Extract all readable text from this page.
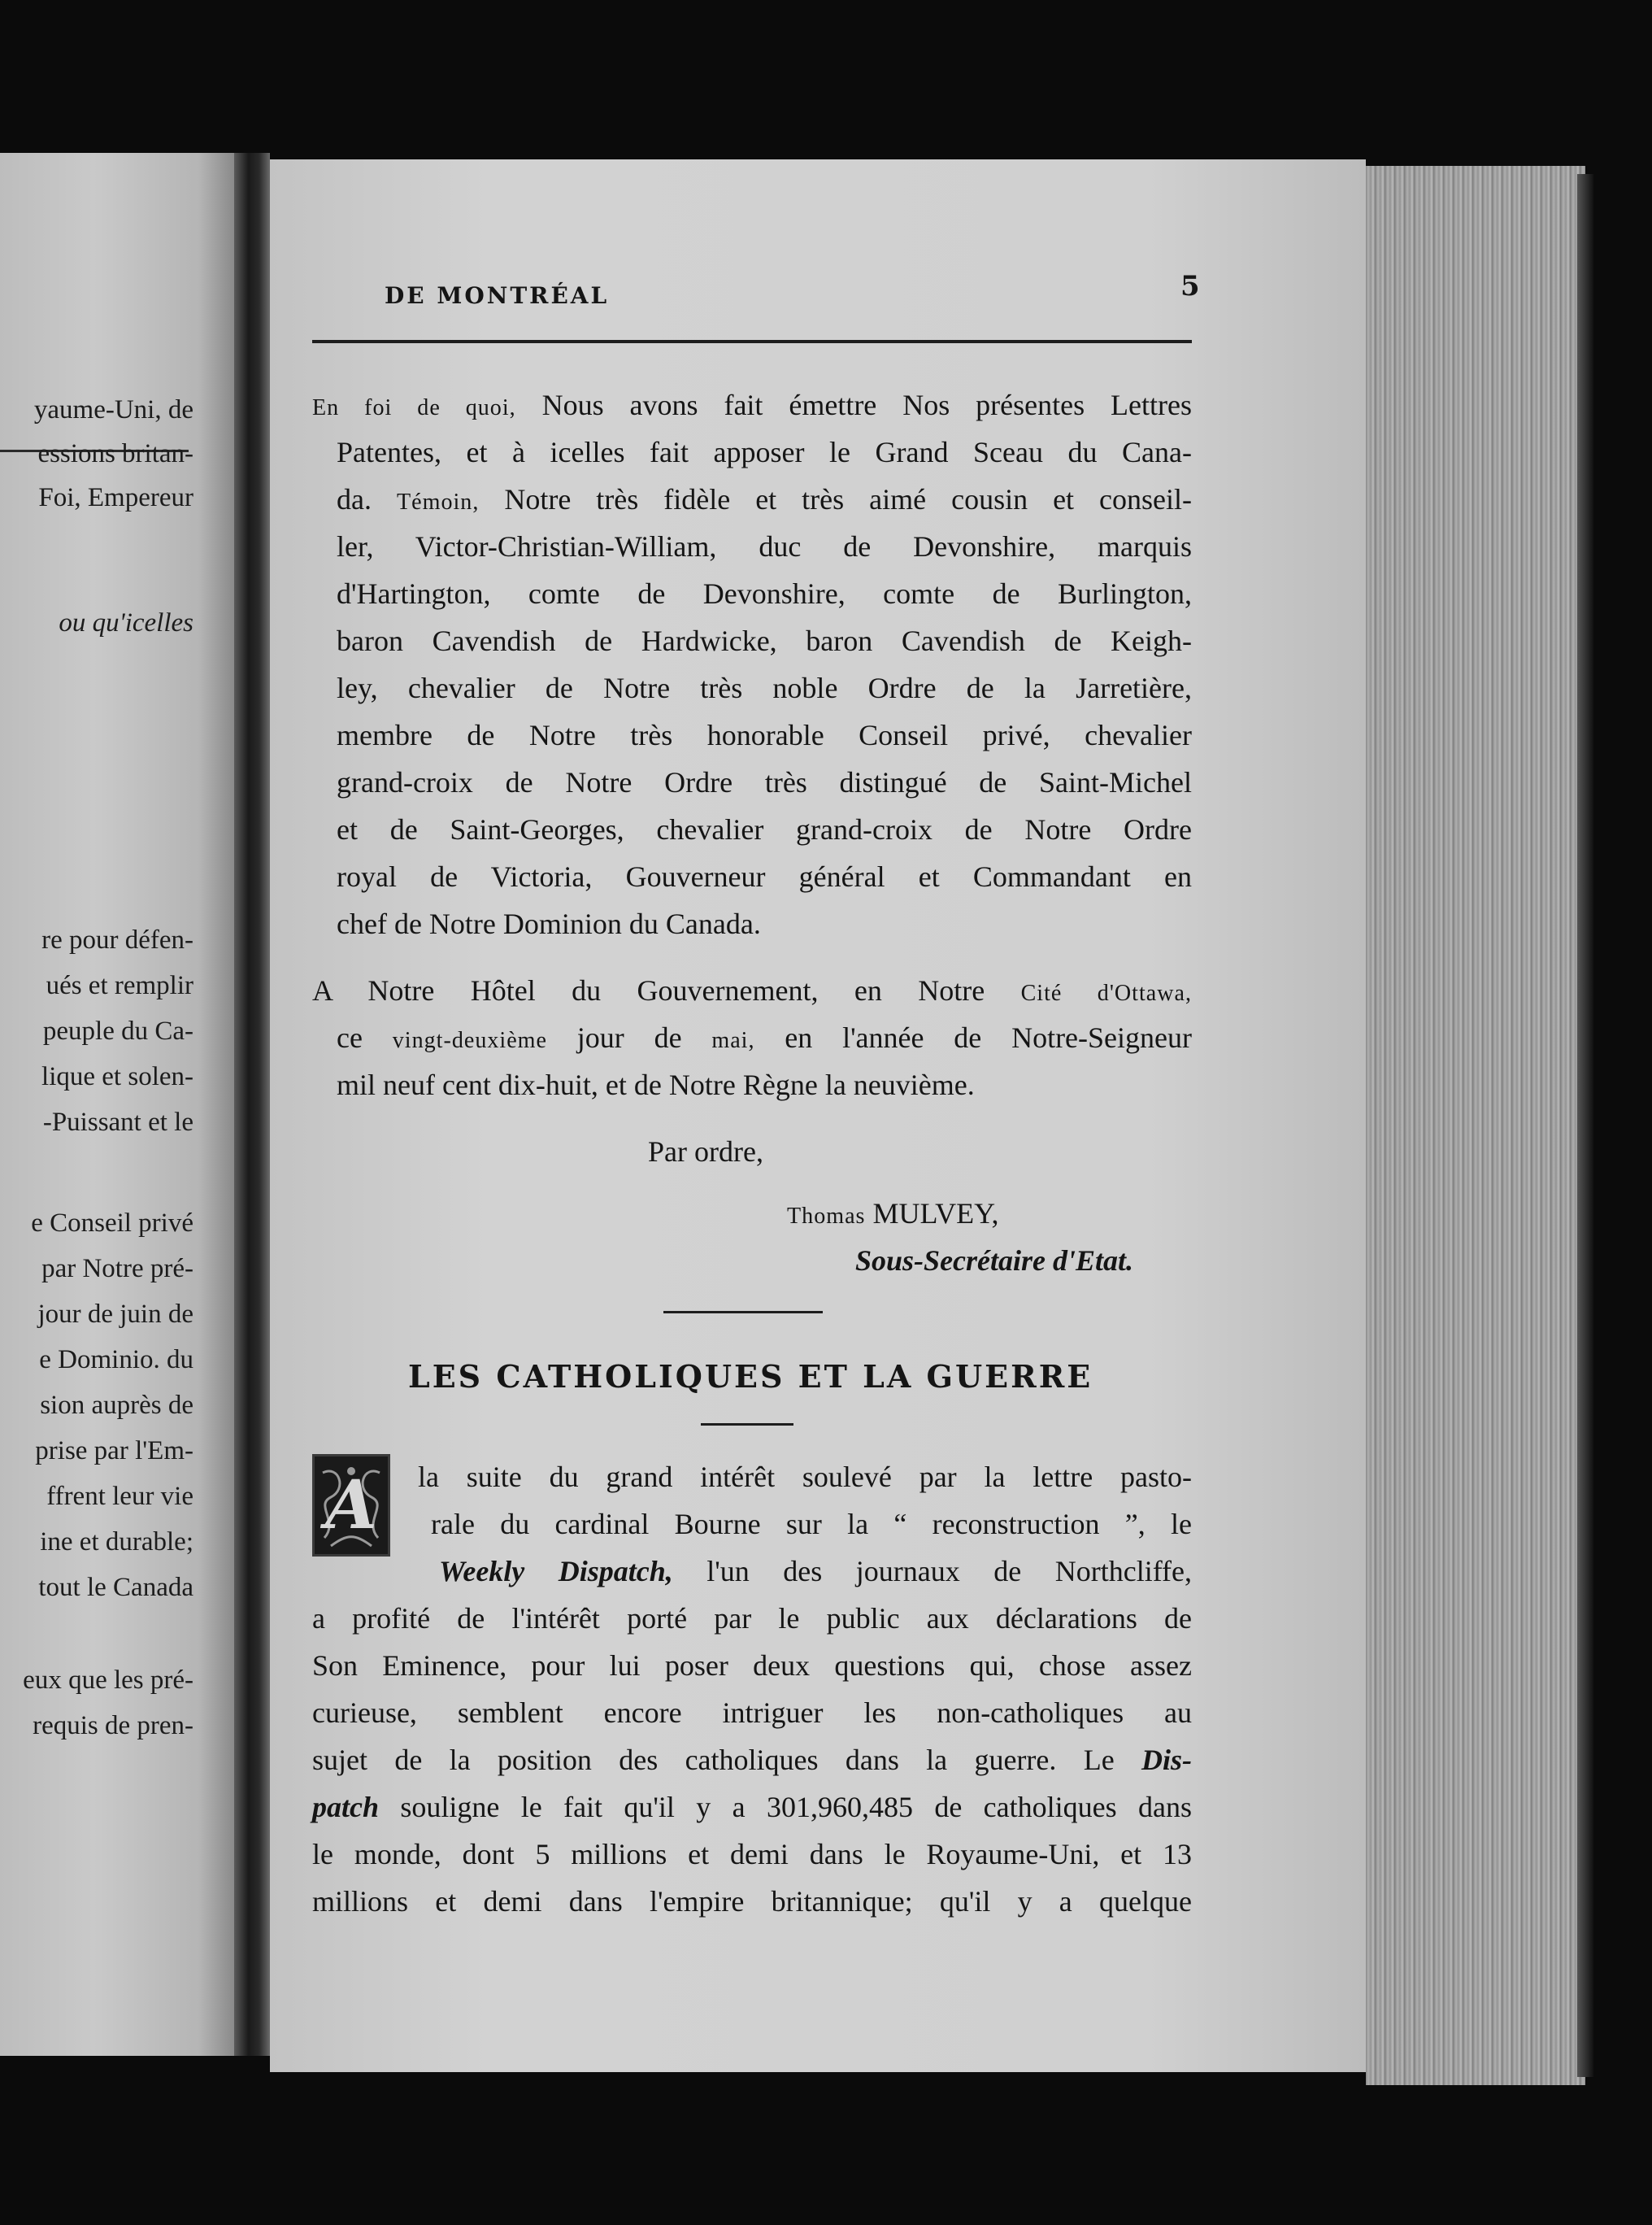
yaume-Uni, de
essions britan-
Foi, Empereur
ou qu'icelles
re pour défen-
ués et remplir
peuple du Ca-
lique et solen-
-Puissant et le
e Conseil privé
par Notre pré-
jour de juin de
e Dominio. du
sion auprès de
prise par l'Em-
ffrent leur vie
ine et durable;
tout le Canada
eux que les pré-
requis de pren-
DE MONTRÉAL	5
En foi de quoi, Nous avons fait émettre Nos présentes Lettres
Patentes, et à icelles fait apposer le Grand Sceau du Cana-
da. Témoin, Notre très fidèle et très aimé cousin et conseil-
ler, Victor-Christian-William, duc de Devonshire, marquis
d'Hartington, comte de Devonshire, comte de Burlington,
baron Cavendish de Hardwicke, baron Cavendish de Keigh-
ley, chevalier de Notre très noble Ordre de la Jarretière,
membre de Notre très honorable Conseil privé, chevalier
grand-croix de Notre Ordre très distingué de Saint-Michel
et de Saint-Georges, chevalier grand-croix de Notre Ordre
royal de Victoria, Gouverneur général et Commandant en
chef de Notre Dominion du Canada.
A Notre Hôtel du Gouvernement, en Notre Cité d'Ottawa,
ce vingt-deuxième jour de mai, en l'année de Notre-Seigneur
mil neuf cent dix-huit, et de Notre Règne la neuvième.
Par ordre,
Thomas MULVEY,
Sous-Secrétaire d'Etat.
LES CATHOLIQUES ET LA GUERRE
A	la suite du grand intérêt soulevé par la lettre pasto-
rale du cardinal Bourne sur la “ reconstruction ”, le
Weekly Dispatch, l'un des journaux de Northcliffe,
a profité de l'intérêt porté par le public aux déclarations de
Son Eminence, pour lui poser deux questions qui, chose assez
curieuse, semblent encore intriguer les non-catholiques au
sujet de la position des catholiques dans la guerre. Le Dis-
patch souligne le fait qu'il y a 301,960,485 de catholiques dans
le monde, dont 5 millions et demi dans le Royaume-Uni, et 13
millions et demi dans l'empire britannique; qu'il y a quelque
